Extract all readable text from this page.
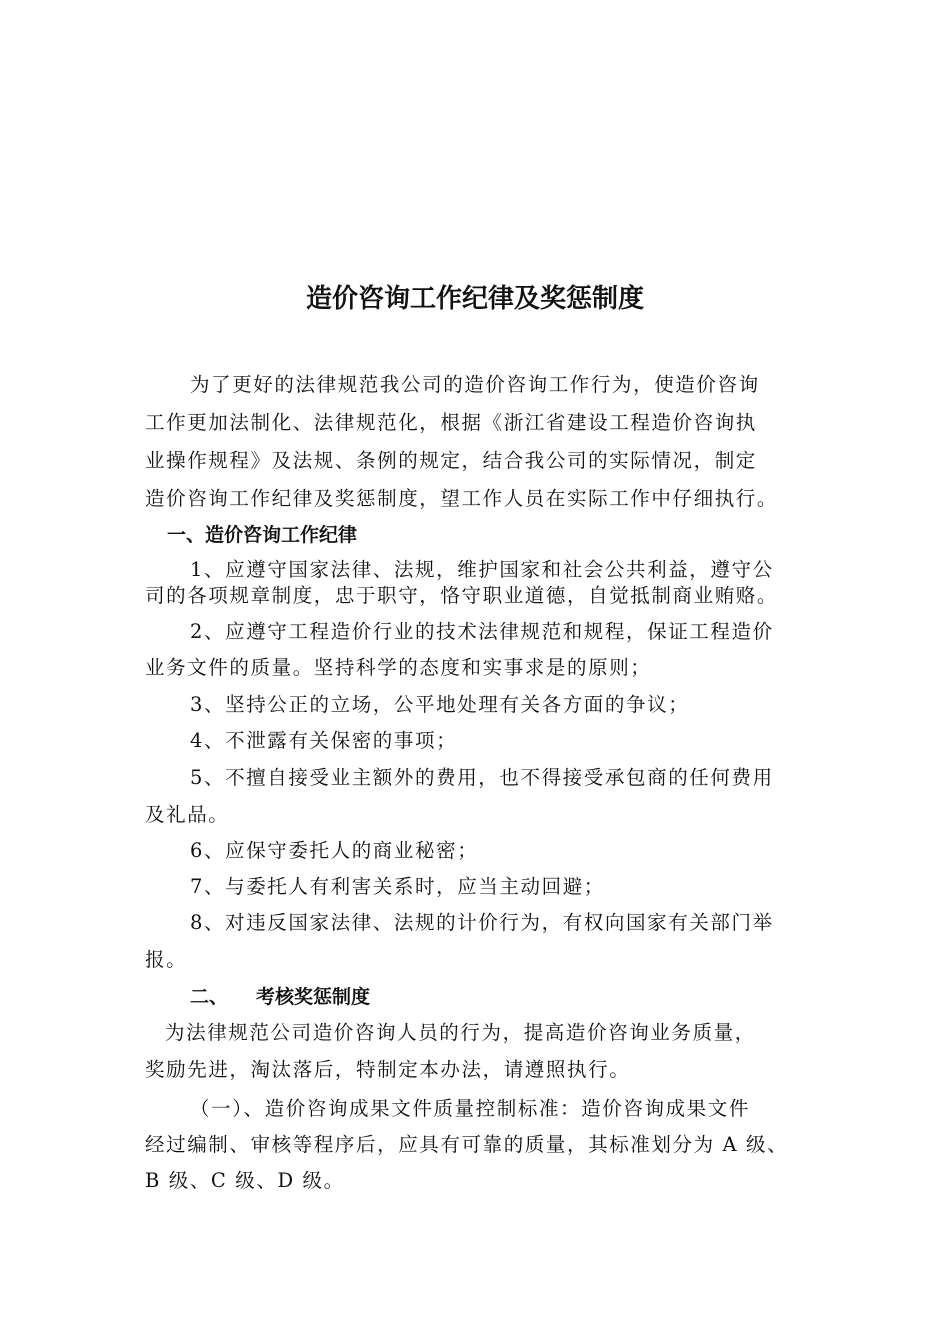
造价咨询工作纪律及奖惩制度
为了更好的法律规范我公司的造价咨询工作行为，使造价咨询
工作更加法制化、法律规范化，根据《浙江省建设工程造价咨询执
业操作规程》及法规、条例的规定，结合我公司的实际情况，制定
造价咨询工作纪律及奖惩制度，望工作人员在实际工作中仔细执行。
一、造价咨询工作纪律
1、应遵守国家法律、法规，维护国家和社会公共利益，遵守公
司的各项规章制度，忠于职守，恪守职业道德，自觉抵制商业贿赂。
2、应遵守工程造价行业的技术法律规范和规程，保证工程造价
业务文件的质量。坚持科学的态度和实事求是的原则；
3、坚持公正的立场，公平地处理有关各方面的争议；
4、不泄露有关保密的事项；
5、不擅自接受业主额外的费用，也不得接受承包商的任何费用
及礼品。
6、应保守委托人的商业秘密；
7、与委托人有利害关系时，应当主动回避；
8、对违反国家法律、法规的计价行为，有权向国家有关部门举
报。
二、 考核奖惩制度
为法律规范公司造价咨询人员的行为，提高造价咨询业务质量，
奖励先进，淘汰落后，特制定本办法，请遵照执行。
（一）、造价咨询成果文件质量控制标准：造价咨询成果文件
经过编制、审核等程序后，应具有可靠的质量，其标准划分为 A 级、
B 级、C 级、D 级。
